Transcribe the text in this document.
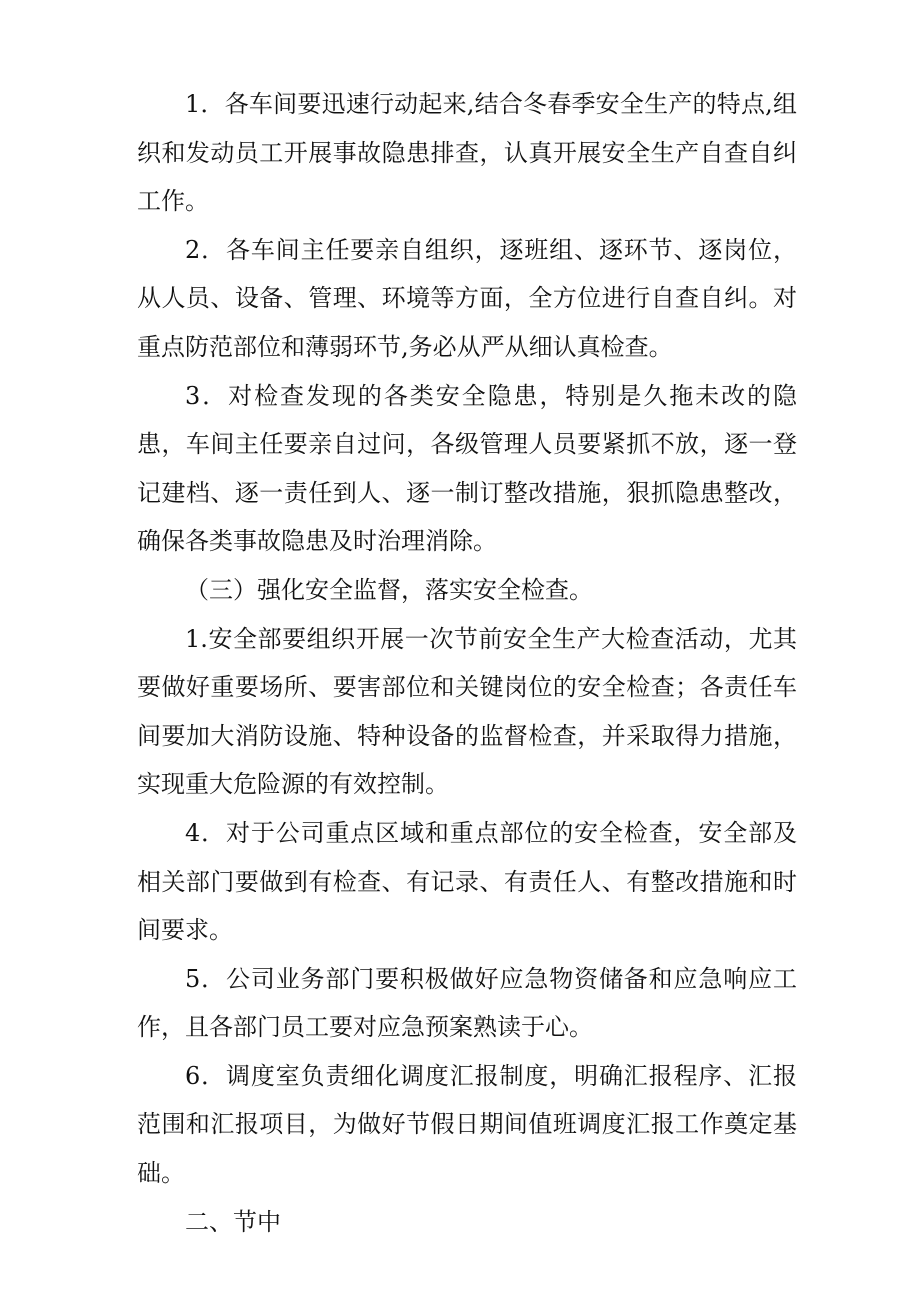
1．各车间要迅速行动起来,结合冬春季安全生产的特点,组织和发动员工开展事故隐患排查，认真开展安全生产自查自纠工作。

2．各车间主任要亲自组织，逐班组、逐环节、逐岗位，从人员、设备、管理、环境等方面，全方位进行自查自纠。对重点防范部位和薄弱环节,务必从严从细认真检查。

3．对检查发现的各类安全隐患，特别是久拖未改的隐患，车间主任要亲自过问，各级管理人员要紧抓不放，逐一登记建档、逐一责任到人、逐一制订整改措施，狠抓隐患整改，确保各类事故隐患及时治理消除。

（三）强化安全监督，落实安全检查。

1.安全部要组织开展一次节前安全生产大检查活动，尤其要做好重要场所、要害部位和关键岗位的安全检查；各责任车间要加大消防设施、特种设备的监督检查，并采取得力措施，实现重大危险源的有效控制。

4．对于公司重点区域和重点部位的安全检查，安全部及相关部门要做到有检查、有记录、有责任人、有整改措施和时间要求。

5．公司业务部门要积极做好应急物资储备和应急响应工作，且各部门员工要对应急预案熟读于心。

6．调度室负责细化调度汇报制度，明确汇报程序、汇报范围和汇报项目，为做好节假日期间值班调度汇报工作奠定基础。

二、节中
